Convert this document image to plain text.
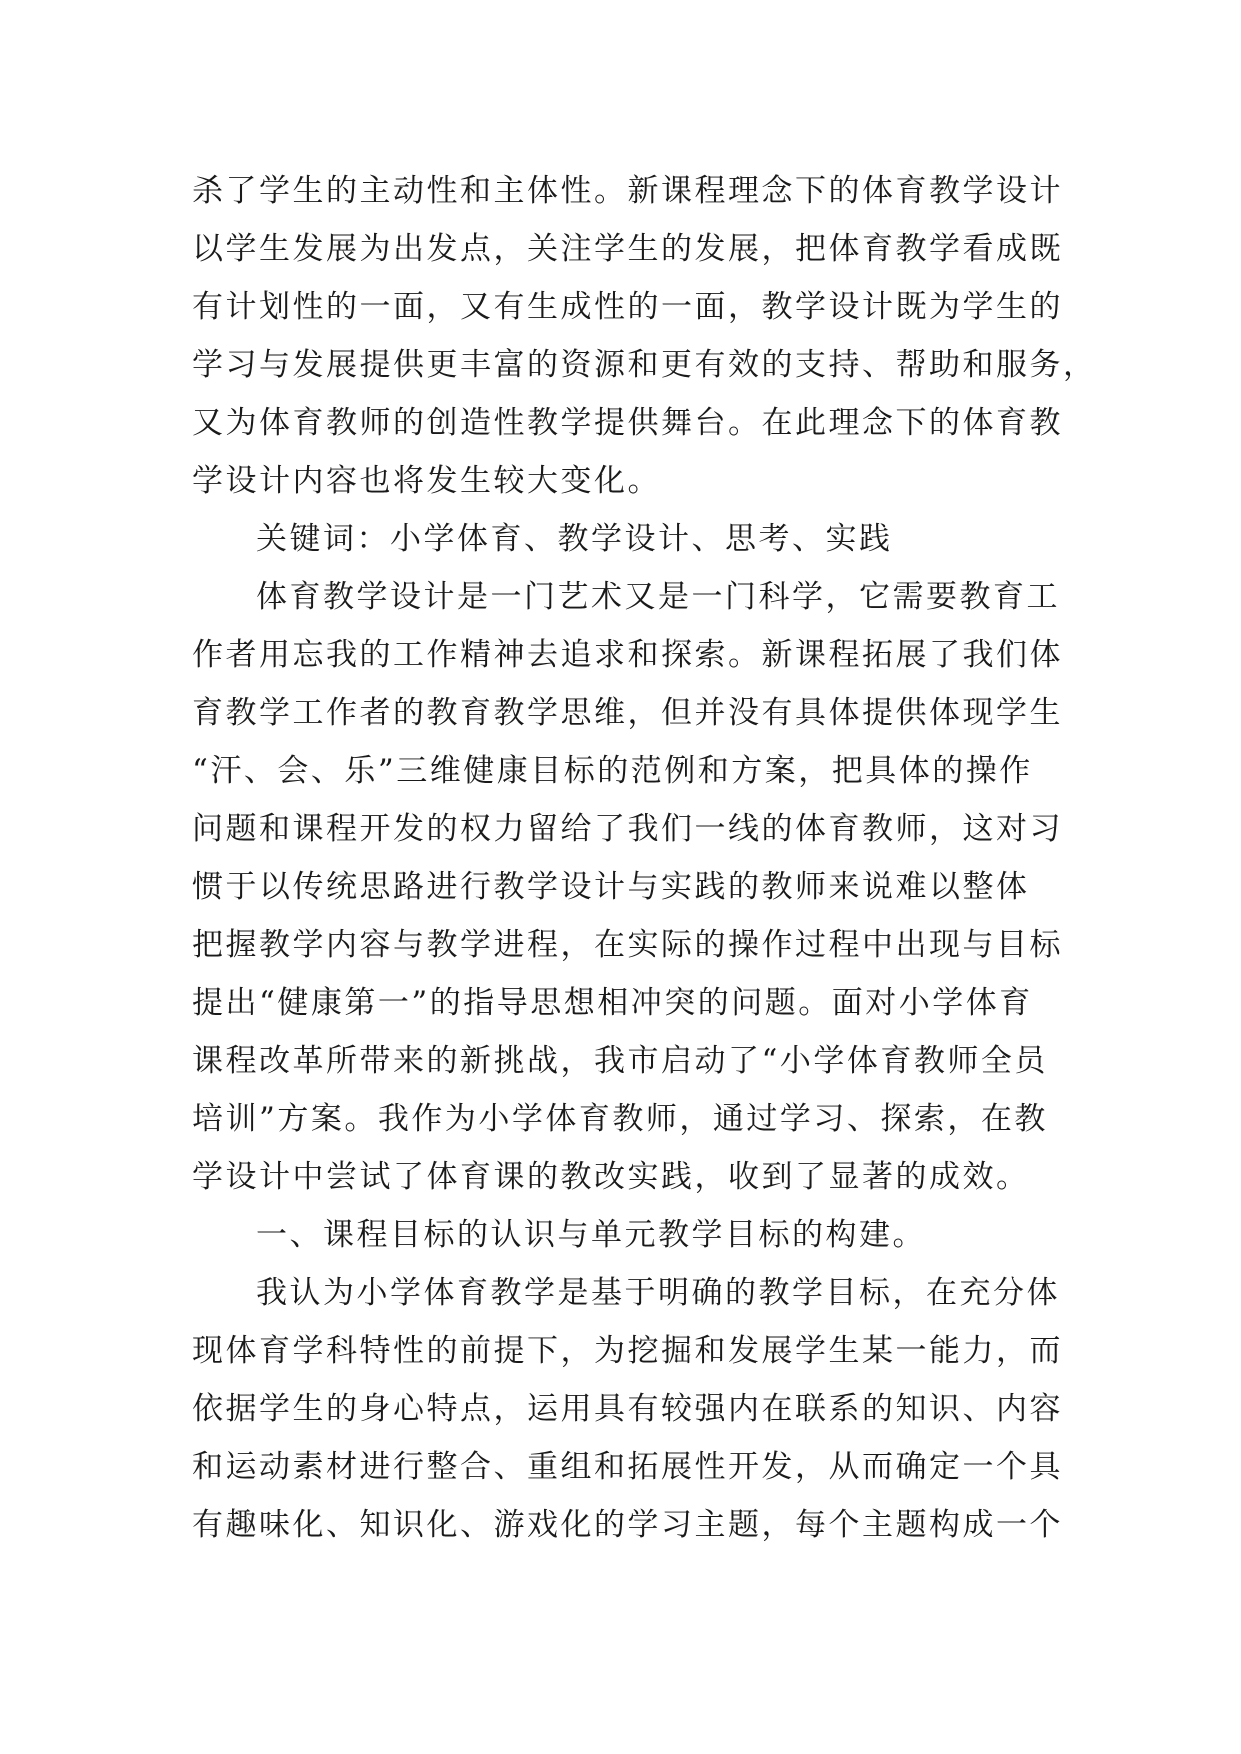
杀了学生的主动性和主体性。新课程理念下的体育教学设计
以学生发展为出发点，关注学生的发展，把体育教学看成既
有计划性的一面，又有生成性的一面，教学设计既为学生的
学习与发展提供更丰富的资源和更有效的支持、帮助和服务，
又为体育教师的创造性教学提供舞台。在此理念下的体育教
学设计内容也将发生较大变化。
关键词：小学体育、教学设计、思考、实践
体育教学设计是一门艺术又是一门科学，它需要教育工
作者用忘我的工作精神去追求和探索。新课程拓展了我们体
育教学工作者的教育教学思维，但并没有具体提供体现学生
“汗、会、乐”三维健康目标的范例和方案，把具体的操作
问题和课程开发的权力留给了我们一线的体育教师，这对习
惯于以传统思路进行教学设计与实践的教师来说难以整体
把握教学内容与教学进程，在实际的操作过程中出现与目标
提出“健康第一”的指导思想相冲突的问题。面对小学体育
课程改革所带来的新挑战，我市启动了“小学体育教师全员
培训”方案。我作为小学体育教师，通过学习、探索，在教
学设计中尝试了体育课的教改实践，收到了显著的成效。
一、课程目标的认识与单元教学目标的构建。
我认为小学体育教学是基于明确的教学目标，在充分体
现体育学科特性的前提下，为挖掘和发展学生某一能力，而
依据学生的身心特点，运用具有较强内在联系的知识、内容
和运动素材进行整合、重组和拓展性开发，从而确定一个具
有趣味化、知识化、游戏化的学习主题，每个主题构成一个
